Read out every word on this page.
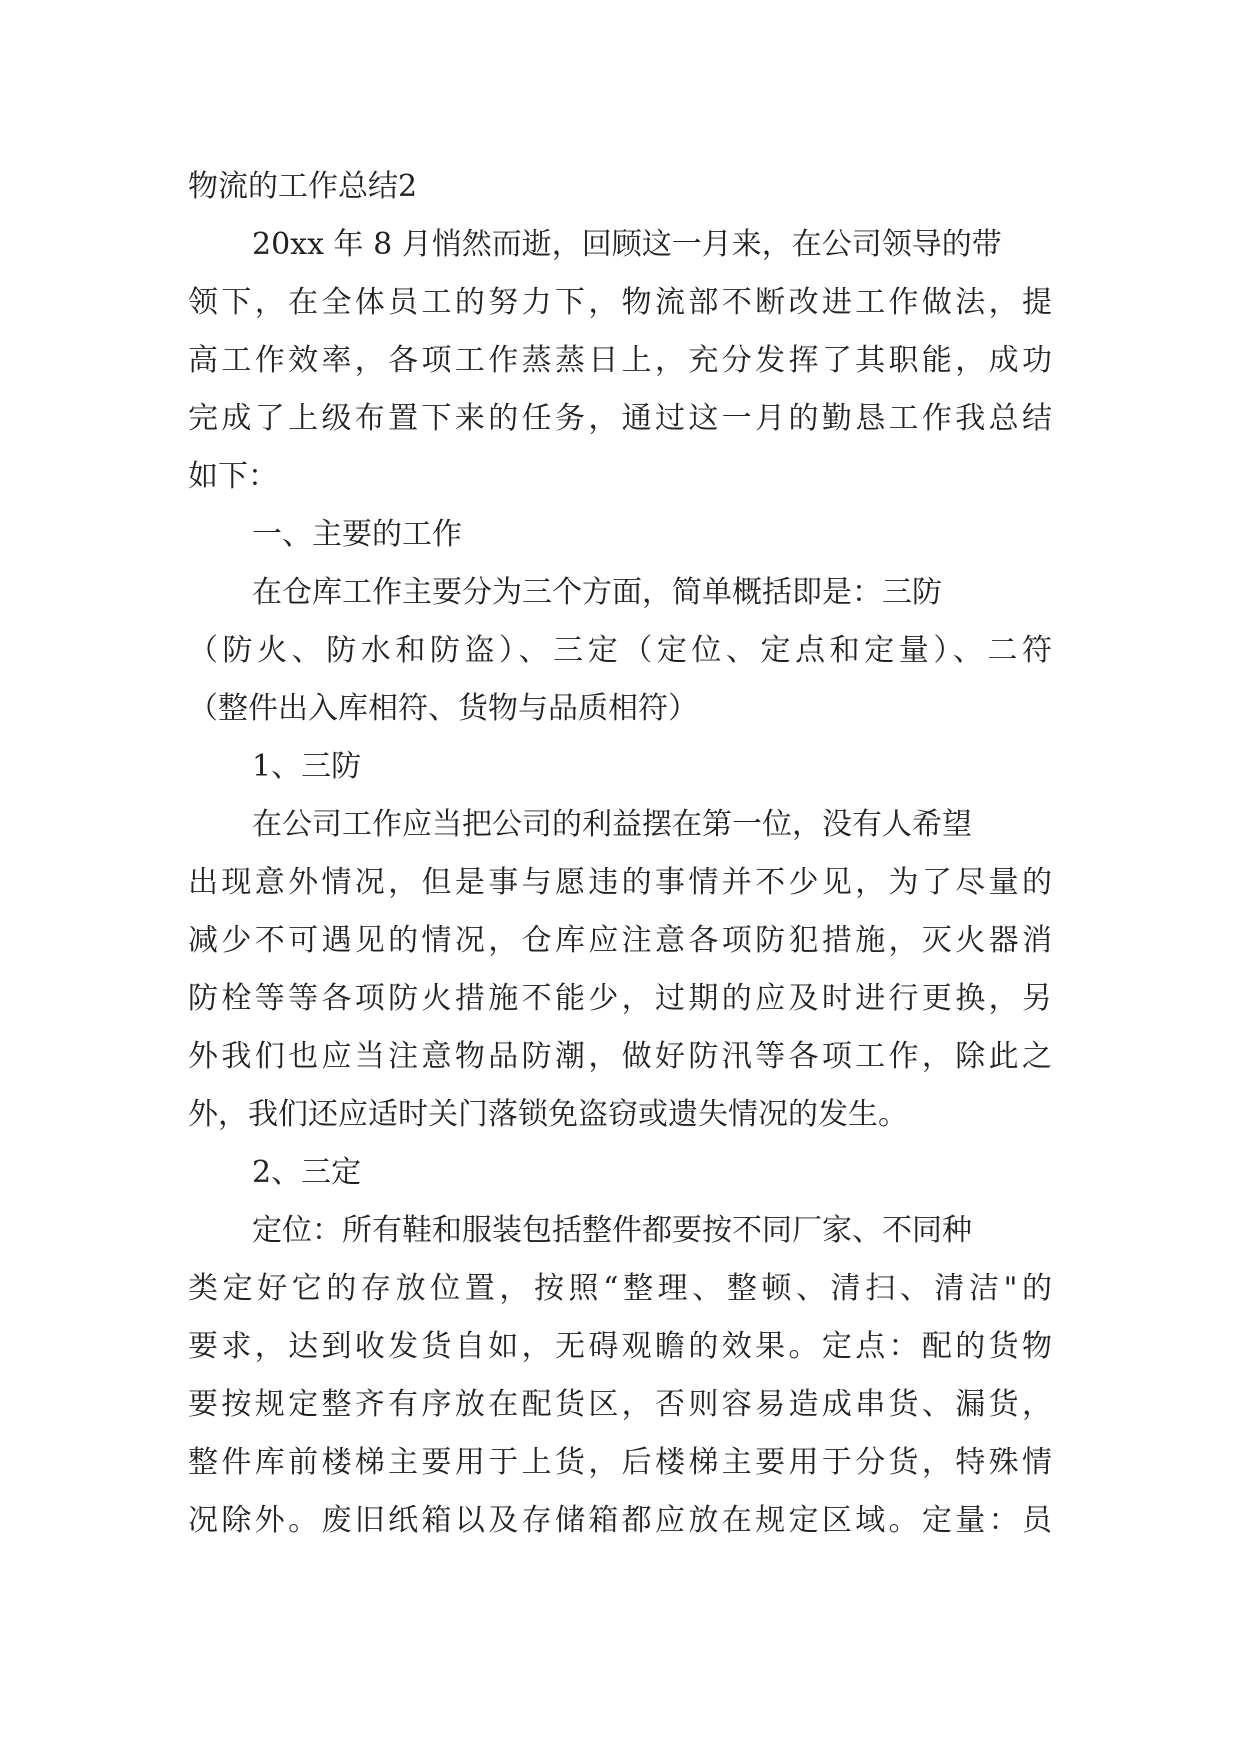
物流的工作总结2
20xx 年 8 月悄然而逝，回顾这一月来，在公司领导的带
领下，在全体员工的努力下，物流部不断改进工作做法，提
高工作效率，各项工作蒸蒸日上，充分发挥了其职能，成功
完成了上级布置下来的任务，通过这一月的勤恳工作我总结
如下：
一、主要的工作
在仓库工作主要分为三个方面，简单概括即是：三防
（防火、防水和防盗）、三定（定位、定点和定量）、二符
（整件出入库相符、货物与品质相符）
1、三防
在公司工作应当把公司的利益摆在第一位，没有人希望
出现意外情况，但是事与愿违的事情并不少见，为了尽量的
减少不可遇见的情况，仓库应注意各项防犯措施，灭火器消
防栓等等各项防火措施不能少，过期的应及时进行更换，另
外我们也应当注意物品防潮，做好防汛等各项工作，除此之
外，我们还应适时关门落锁免盗窃或遗失情况的发生。
2、三定
定位：所有鞋和服装包括整件都要按不同厂家、不同种
类定好它的存放位置，按照“整理、整顿、清扫、清洁"的
要求，达到收发货自如，无碍观瞻的效果。定点：配的货物
要按规定整齐有序放在配货区，否则容易造成串货、漏货，
整件库前楼梯主要用于上货，后楼梯主要用于分货，特殊情
况除外。废旧纸箱以及存储箱都应放在规定区域。定量：员
